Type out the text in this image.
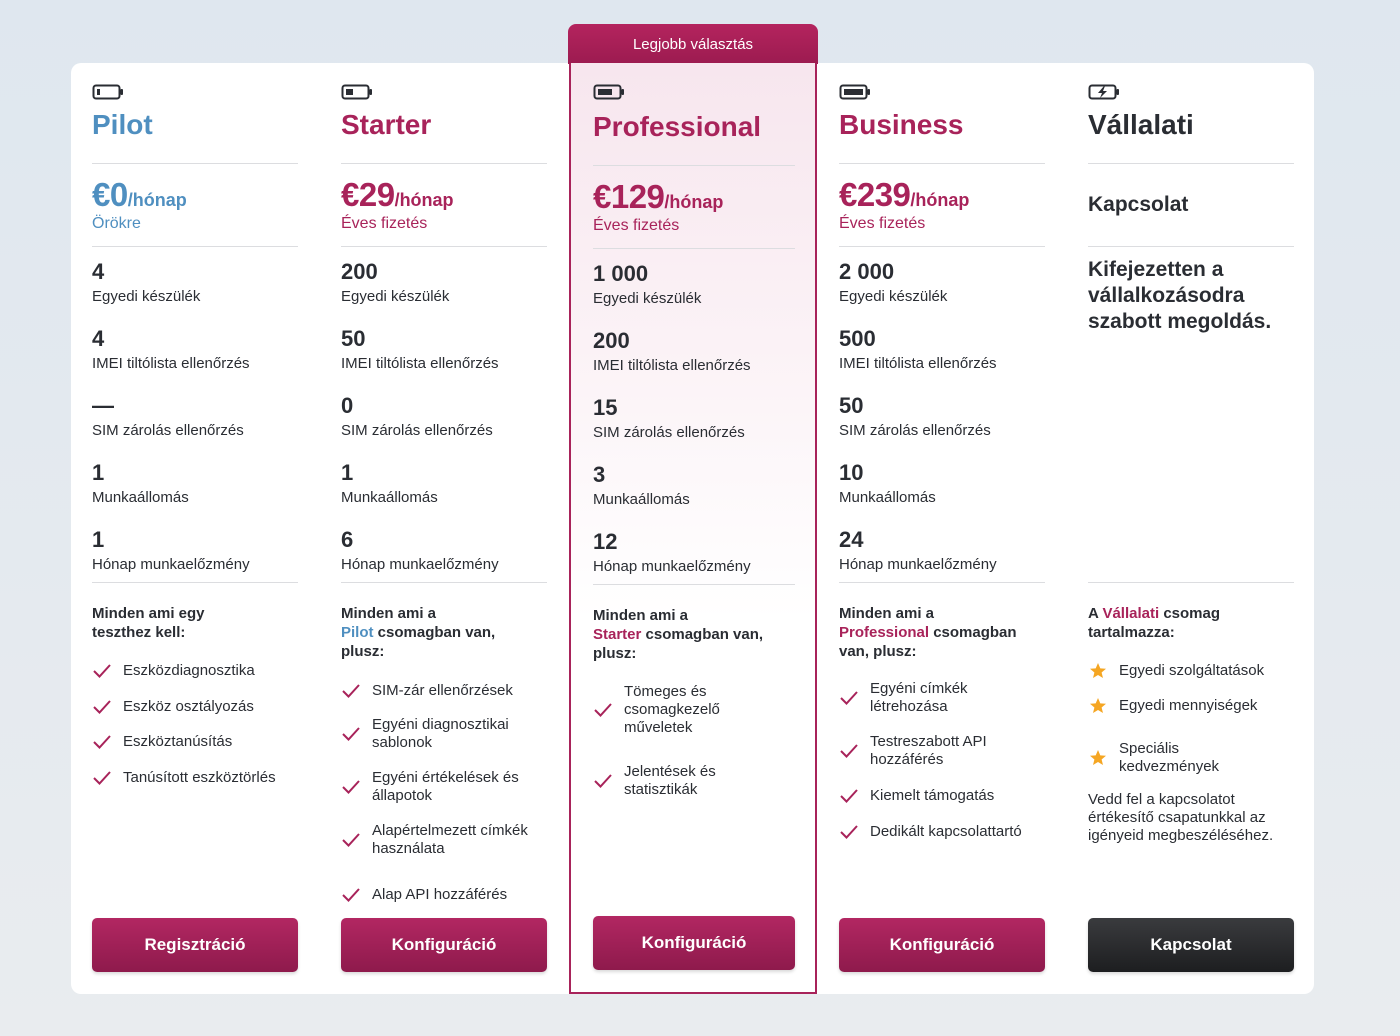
Legjobb választás
Pilot
€0/hónap
Örökre
4
Egyedi készülék
4
IMEI tiltólista ellenőrzés
—
SIM zárolás ellenőrzés
1
Munkaállomás
1
Hónap munkaelőzmény
Minden ami egy teszthez kell:
Eszközdiagnosztika
Eszköz osztályozás
Eszköztanúsítás
Tanúsított eszköztörlés
Regisztráció
Starter
€29/hónap
Éves fizetés
200
Egyedi készülék
50
IMEI tiltólista ellenőrzés
0
SIM zárolás ellenőrzés
1
Munkaállomás
6
Hónap munkaelőzmény
Minden ami a
Pilot csomagban van, plusz:
SIM-zár ellenőrzések
Egyéni diagnosztikai sablonok
Egyéni értékelések és állapotok
Alapértelmezett címkék használata
Alap API hozzáférés
Konfiguráció
Professional
€129/hónap
Éves fizetés
1 000
Egyedi készülék
200
IMEI tiltólista ellenőrzés
15
SIM zárolás ellenőrzés
3
Munkaállomás
12
Hónap munkaelőzmény
Minden ami a
Starter csomagban van, plusz:
Tömeges és csomagkezelő műveletek
Jelentések és statisztikák
Konfiguráció
Business
€239/hónap
Éves fizetés
2 000
Egyedi készülék
500
IMEI tiltólista ellenőrzés
50
SIM zárolás ellenőrzés
10
Munkaállomás
24
Hónap munkaelőzmény
Minden ami a
Professional csomagban van, plusz:
Egyéni címkék létrehozása
Testreszabott API hozzáférés
Kiemelt támogatás
Dedikált kapcsolattartó
Konfiguráció
Vállalati
Kapcsolat
Kifejezetten a vállalkozásodra szabott megoldás.
A Vállalati csomag tartalmazza:
Egyedi szolgáltatások
Egyedi mennyiségek
Speciális kedvezmények
Vedd fel a kapcsolatot értékesítő csapatunkkal az igényeid megbeszéléséhez.
Kapcsolat
